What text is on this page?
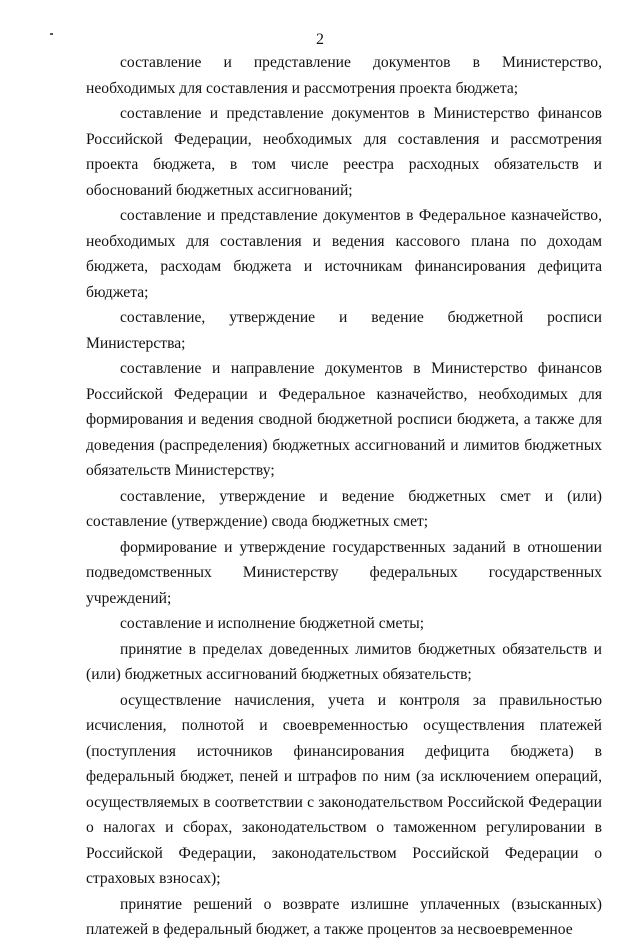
2

составление и представление документов в Министерство, необходимых для составления и рассмотрения проекта бюджета;

составление и представление документов в Министерство финансов Российской Федерации, необходимых для составления и рассмотрения проекта бюджета, в том числе реестра расходных обязательств и обоснований бюджетных ассигнований;

составление и представление документов в Федеральное казначейство, необходимых для составления и ведения кассового плана по доходам бюджета, расходам бюджета и источникам финансирования дефицита бюджета;

составление, утверждение и ведение бюджетной росписи Министерства;

составление и направление документов в Министерство финансов Российской Федерации и Федеральное казначейство, необходимых для формирования и ведения сводной бюджетной росписи бюджета, а также для доведения (распределения) бюджетных ассигнований и лимитов бюджетных обязательств Министерству;

составление, утверждение и ведение бюджетных смет и (или) составление (утверждение) свода бюджетных смет;

формирование и утверждение государственных заданий в отношении подведомственных Министерству федеральных государственных учреждений;

составление и исполнение бюджетной сметы;

принятие в пределах доведенных лимитов бюджетных обязательств и (или) бюджетных ассигнований бюджетных обязательств;

осуществление начисления, учета и контроля за правильностью исчисления, полнотой и своевременностью осуществления платежей (поступления источников финансирования дефицита бюджета) в федеральный бюджет, пеней и штрафов по ним (за исключением операций, осуществляемых в соответствии с законодательством Российской Федерации о налогах и сборах, законодательством о таможенном регулировании в Российской Федерации, законодательством Российской Федерации о страховых взносах);

принятие решений о возврате излишне уплаченных (взысканных) платежей в федеральный бюджет, а также процентов за несвоевременное
